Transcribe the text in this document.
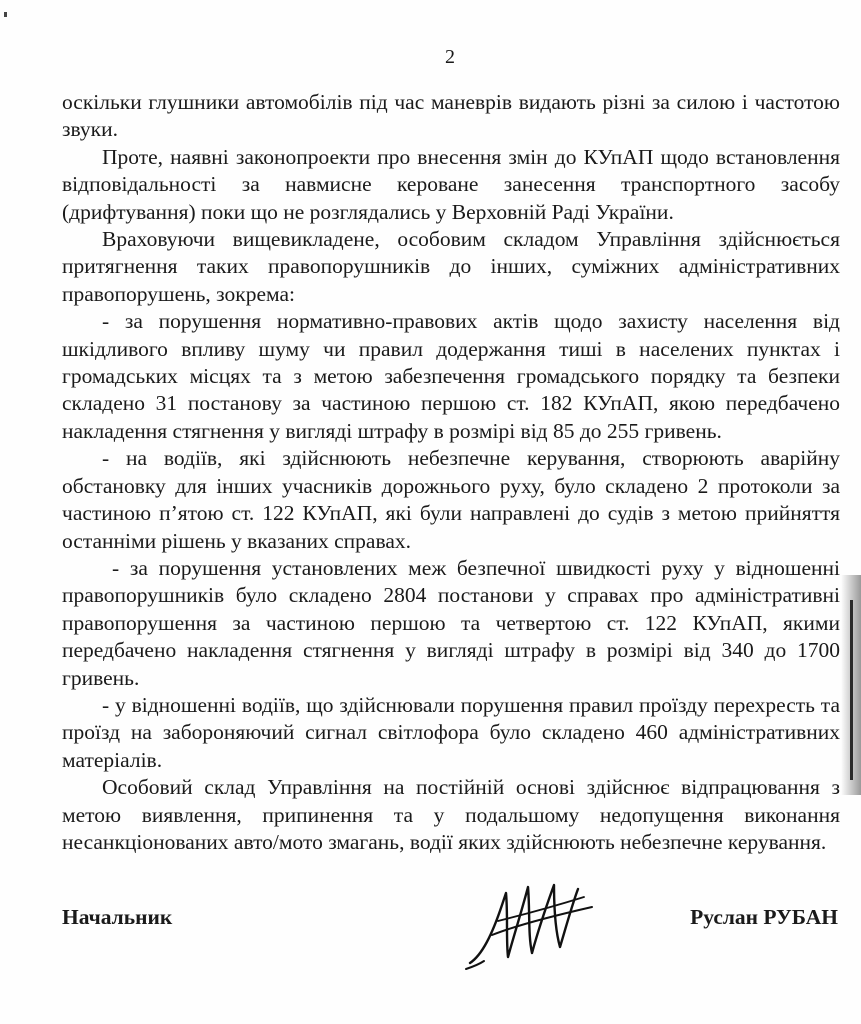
2

оскільки глушники автомобілів під час маневрів видають різні за силою і частотою звуки.

Проте, наявні законопроекти про внесення змін до КУпАП щодо встановлення відповідальності за навмисне кероване занесення транспортного засобу (дрифтування) поки що не розглядались у Верховній Раді України.

Враховуючи вищевикладене, особовим складом Управління здійснюється притягнення таких правопорушників до інших, суміжних адміністративних правопорушень, зокрема:

- за порушення нормативно-правових актів щодо захисту населення від шкідливого впливу шуму чи правил додержання тиші в населених пунктах і громадських місцях та з метою забезпечення громадського порядку та безпеки складено 31 постанову за частиною першою ст. 182 КУпАП, якою передбачено накладення стягнення у вигляді штрафу в розмірі від 85 до 255 гривень.

- на водіїв, які здійснюють небезпечне керування, створюють аварійну обстановку для інших учасників дорожнього руху, було складено 2 протоколи за частиною п’ятою ст. 122 КУпАП, які були направлені до судів з метою прийняття останніми рішень у вказаних справах.

- за порушення установлених меж безпечної швидкості руху у відношенні правопорушників було складено 2804 постанови у справах про адміністративні правопорушення за частиною першою та четвертою ст. 122 КУпАП, якими передбачено накладення стягнення у вигляді штрафу в розмірі від 340 до 1700 гривень.

- у відношенні водіїв, що здійснювали порушення правил проїзду перехресть та проїзд на забороняючий сигнал світлофора було складено 460 адміністративних матеріалів.

Особовий склад Управління на постійній основі здійснює відпрацювання з метою виявлення, припинення та у подальшому недопущення виконання несанкціонованих авто/мото змагань, водії яких здійснюють небезпечне керування.

Начальник	Руслан РУБАН
